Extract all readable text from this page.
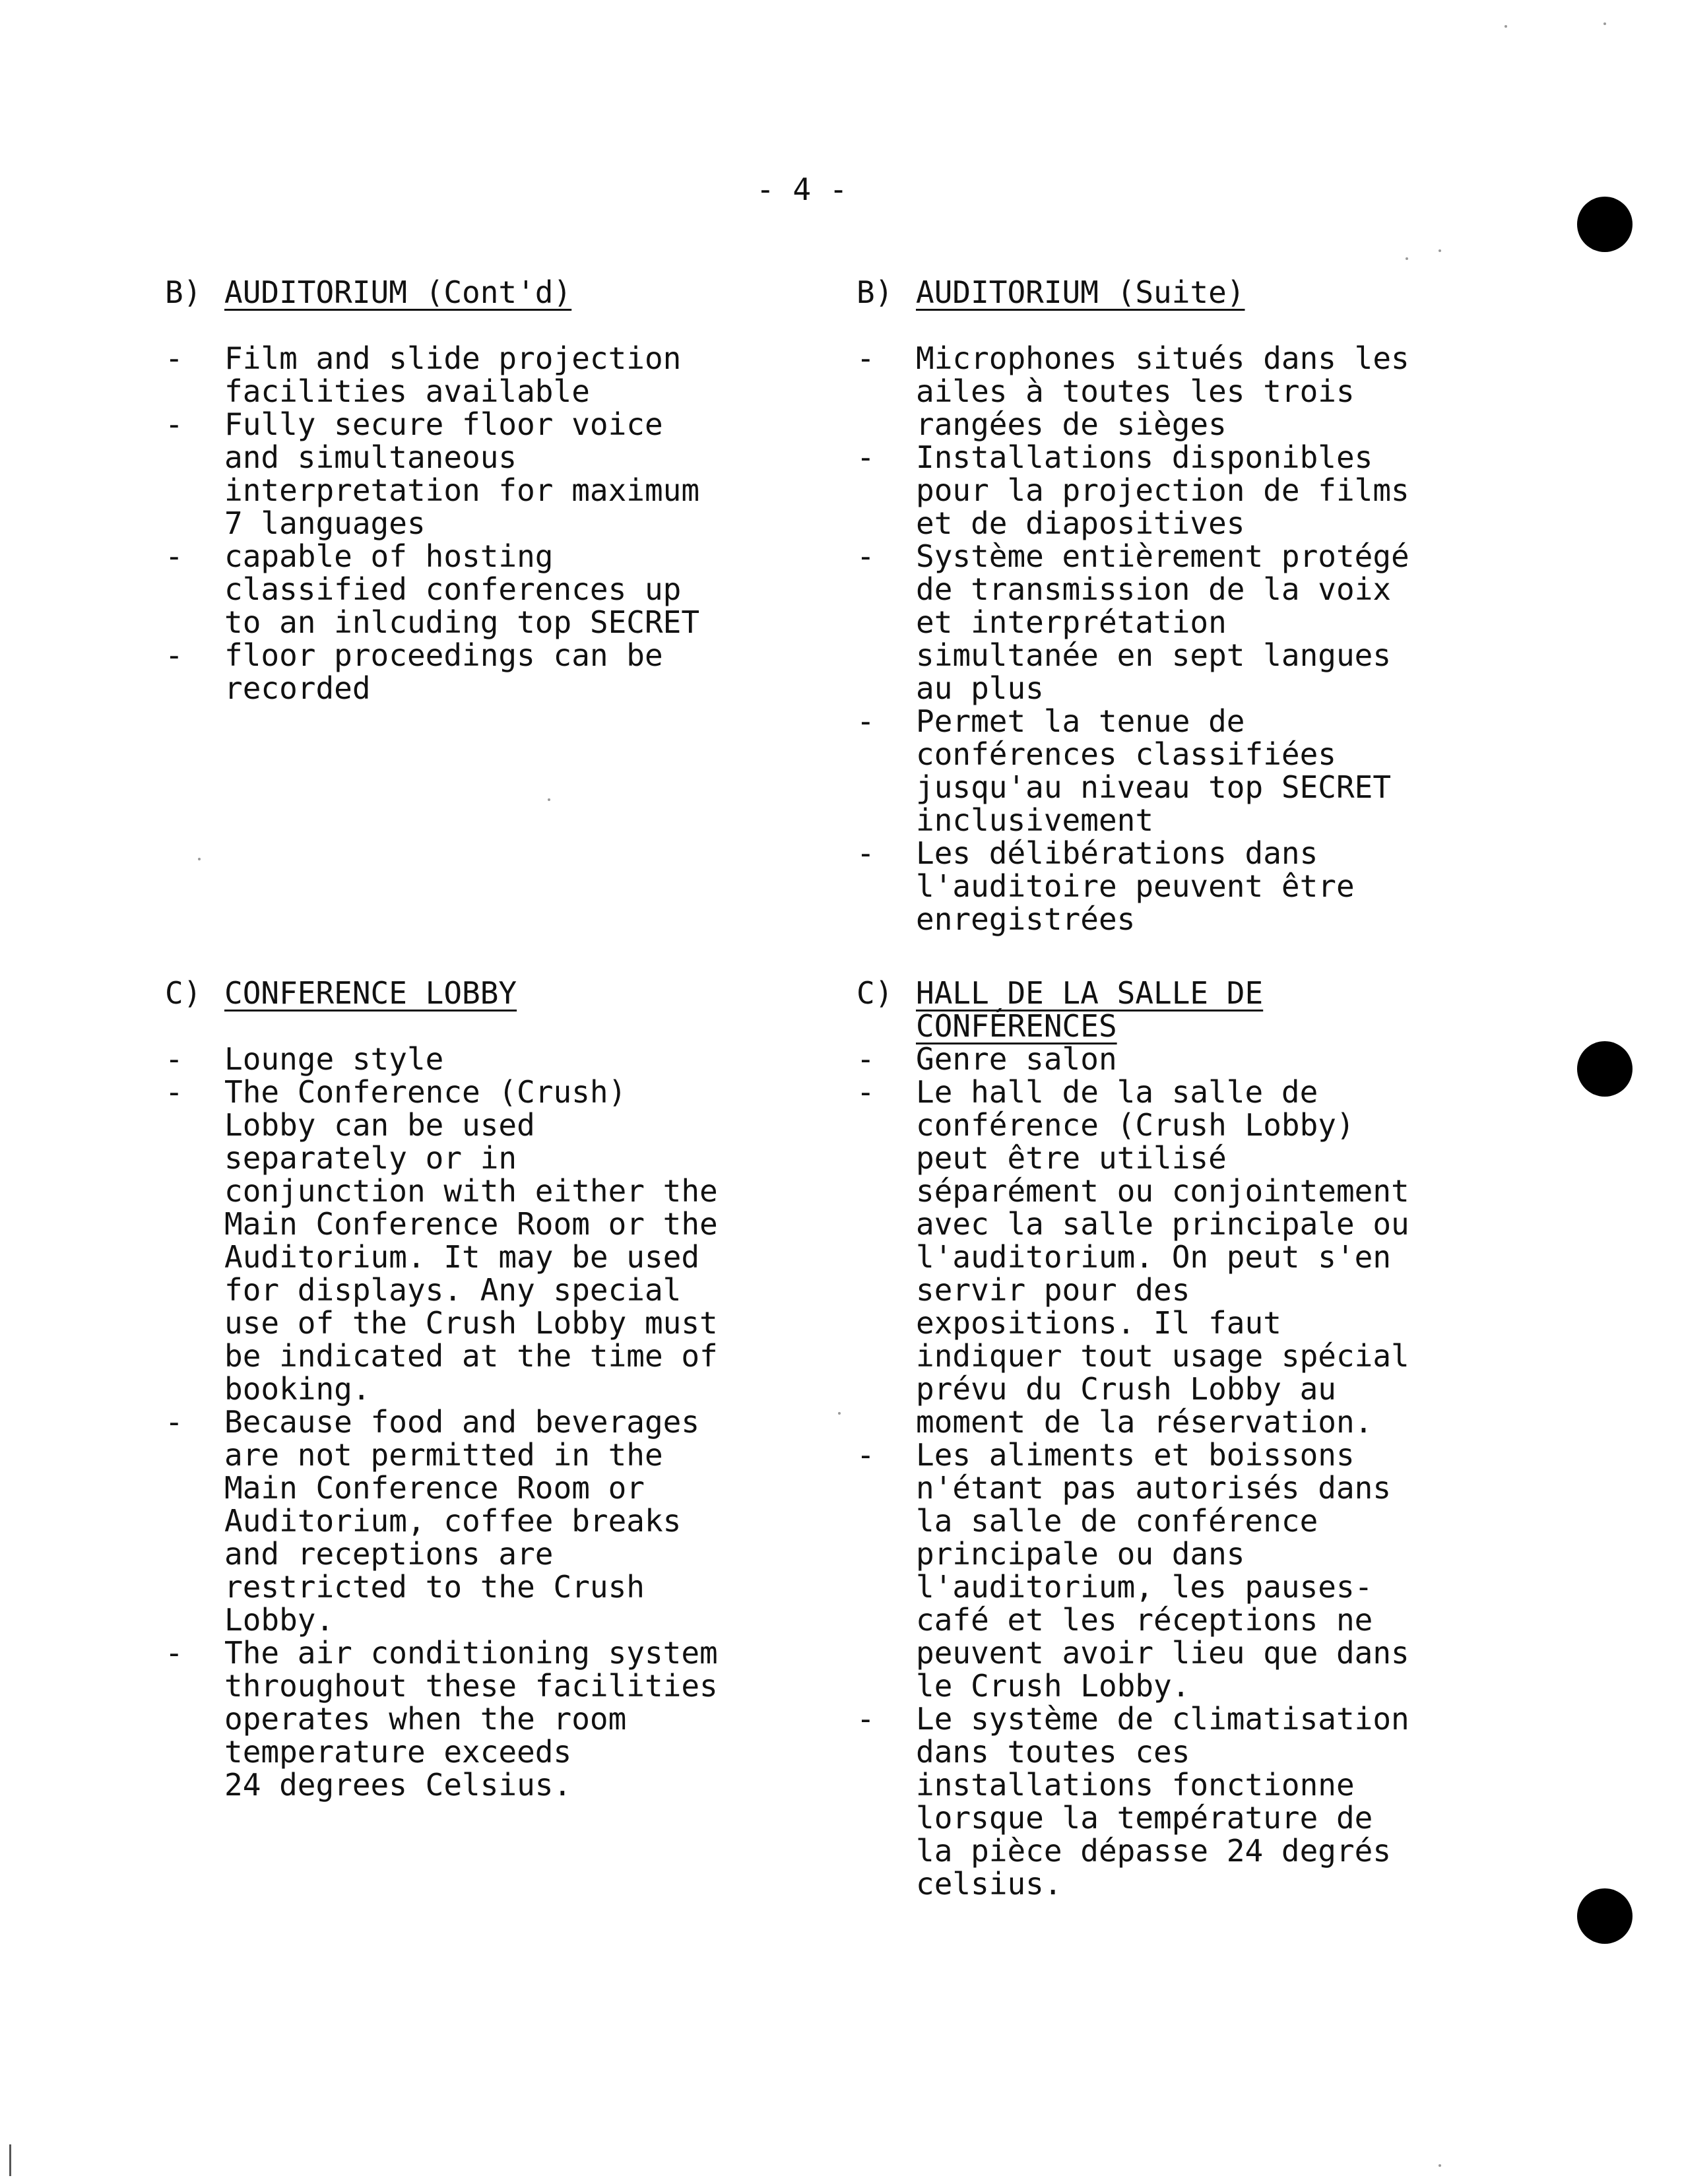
- 4 -
B) AUDITORIUM (Cont'd)
-	Film and slide projection
facilities available
-	Fully secure floor voice
and simultaneous
interpretation for maximum
7 languages
-	capable of hosting
classified conferences up
to an inlcuding top SECRET
-	floor proceedings can be
recorded
C) CONFERENCE LOBBY
-	Lounge style
-	The Conference (Crush)
Lobby can be used
separately or in
conjunction with either the
Main Conference Room or the
Auditorium. It may be used
for displays. Any special
use of the Crush Lobby must
be indicated at the time of
booking.
-	Because food and beverages
are not permitted in the
Main Conference Room or
Auditorium, coffee breaks
and receptions are
restricted to the Crush
Lobby.
-	The air conditioning system
throughout these facilities
operates when the room
temperature exceeds
24 degrees Celsius.
B) AUDITORIUM (Suite)
-	Microphones situés dans les
ailes à toutes les trois
rangées de sièges
-	Installations disponibles
pour la projection de films
et de diapositives
-	Système entièrement protégé
de transmission de la voix
et interprétation
simultanée en sept langues
au plus
-	Permet la tenue de
conférences classifiées
jusqu'au niveau top SECRET
inclusivement
-	Les délibérations dans
l'auditoire peuvent être
enregistrées
C) HALL DE LA SALLE DE
CONFÉRENCES
-	Genre salon
-	Le hall de la salle de
conférence (Crush Lobby)
peut être utilisé
séparément ou conjointement
avec la salle principale ou
l'auditorium. On peut s'en
servir pour des
expositions. Il faut
indiquer tout usage spécial
prévu du Crush Lobby au
moment de la réservation.
-	Les aliments et boissons
n'étant pas autorisés dans
la salle de conférence
principale ou dans
l'auditorium, les pauses-
café et les réceptions ne
peuvent avoir lieu que dans
le Crush Lobby.
-	Le système de climatisation
dans toutes ces
installations fonctionne
lorsque la température de
la pièce dépasse 24 degrés
celsius.
